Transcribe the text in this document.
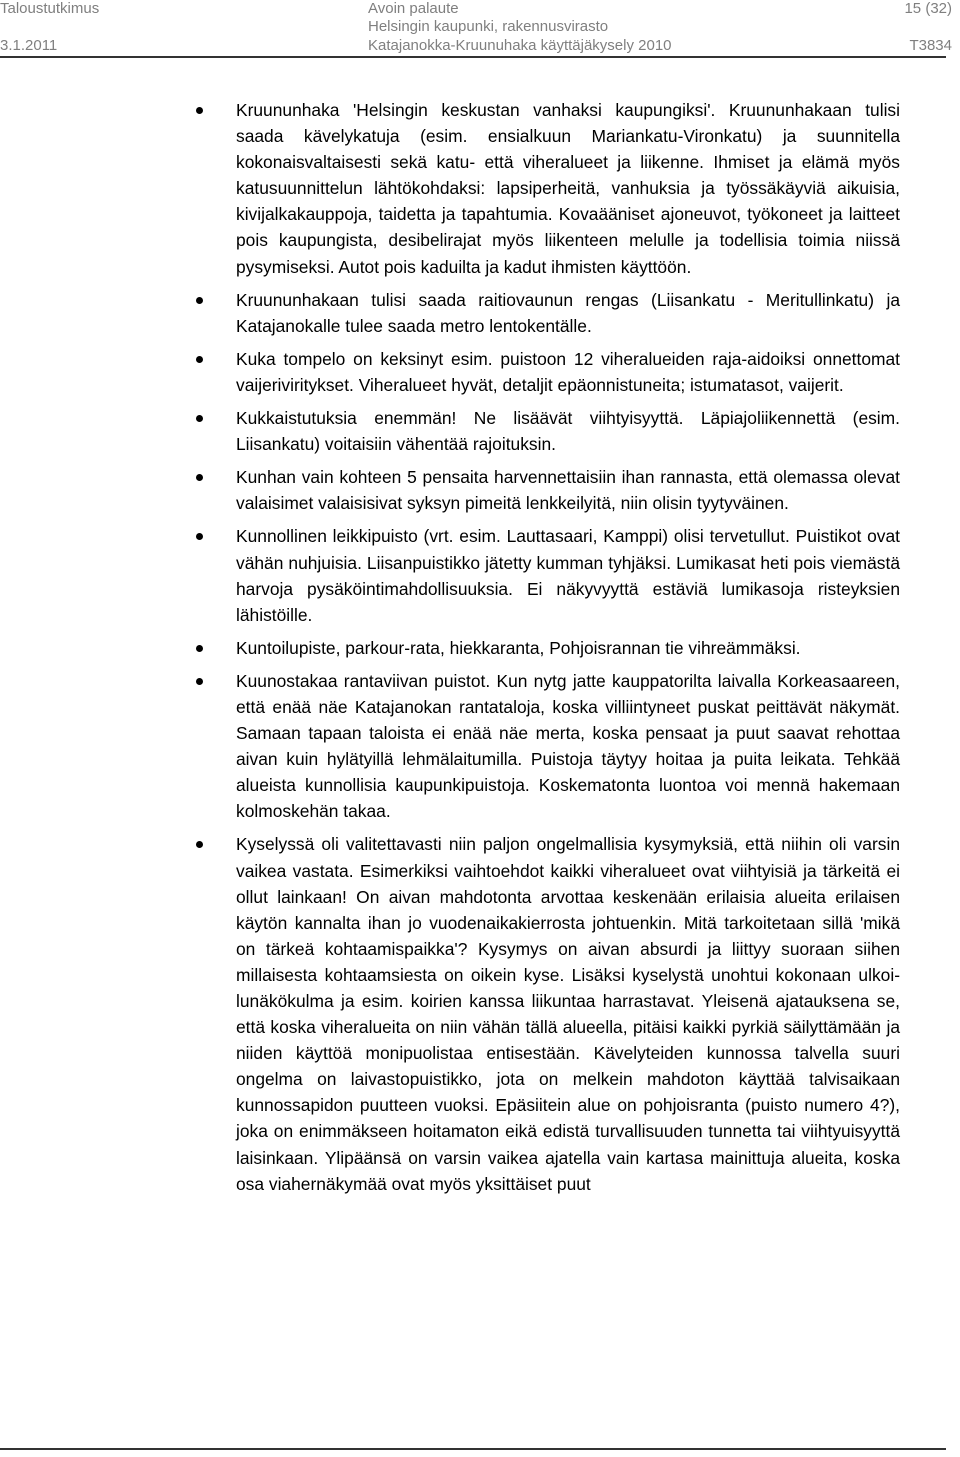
Taloustutkimus
3.1.2011
Avoin palaute
Helsingin kaupunki, rakennusvirasto
Katajanokka-Kruunuhaka käyttäjäkysely 2010
15 (32)
T3834
Kruununhaka 'Helsingin keskustan vanhaksi kaupungiksi'. Kruununhakaan tulisi saada kävelykatuja (esim. ensialkuun Mariankatu-Vironkatu) ja suunnitella kokonaisvaltaisesti sekä katu- että viheralueet ja liikenne. Ihmiset ja elämä myös katusuunnittelun lähtökohdaksi: lapsiperheitä, vanhuksia ja työssäkäyviä aikuisia, kivijalkakauppoja, taidetta ja tapahtumia. Kovaääniset ajoneuvot, työkoneet ja laitteet pois kaupungista, desibelirajat myös liikenteen melulle ja todellisia toimia niissä pysymiseksi. Autot pois kaduilta ja kadut ihmisten käyttöön.
Kruununhakaan tulisi saada raitiovaunun rengas (Liisankatu - Meritullinkatu) ja Katajanokalle tulee saada metro lentokentälle.
Kuka tompelo on keksinyt esim. puistoon 12 viheralueiden raja-aidoiksi onnettomat vaijeriviritykset. Viheralueet hyvät, detaljit epäonnistuneita; istumatasot, vaijerit.
Kukkaistutuksia enemmän! Ne lisäävät viihtyisyyttä. Läpiajoliikennettä (esim. Liisankatu) voitaisiin vähentää rajoituksin.
Kunhan vain kohteen 5 pensaita harvennettaisiin ihan rannasta, että olemassa olevat valaisimet valaisisivat syksyn pimeitä lenkkeilyitä, niin olisin tyytyväinen.
Kunnollinen leikkipuisto (vrt. esim. Lauttasaari, Kamppi) olisi tervetullut. Puistikot ovat vähän nuhjuisia. Liisanpuistikko jätetty kumman tyhjäksi. Lumikasat heti pois viemästä harvoja pysäköintimahdollisuuksia. Ei näkyvyyttä estäviä lumikasoja risteyksien lähistöille.
Kuntoilupiste, parkour-rata, hiekkaranta, Pohjoisrannan tie vihreämmäksi.
Kuunostakaa rantaviivan puistot. Kun nytg jatte kauppatorilta laivalla Korkeasaareen, että enää näe Katajanokan rantataloja, koska villiintyneet puskat peittävät näkymät. Samaan tapaan taloista ei enää näe merta, koska pensaat ja puut saavat rehottaa aivan kuin hylätyillä lehmälaitumilla. Puistoja täytyy hoitaa ja puita leikata. Tehkää alueista kunnollisia kaupunkipuistoja. Koskematonta luontoa voi mennä hakemaan kolmoskehän takaa.
Kyselyssä oli valitettavasti niin paljon ongelmallisia kysymyksiä, että niihin oli varsin vaikea vastata. Esimerkiksi vaihtoehdot kaikki viheralueet ovat viihtyisiä ja tärkeitä ei ollut lainkaan! On aivan mahdotonta arvottaa keskenään erilaisia alueita erilaisen käytön kannalta ihan jo vuodenaikakierrosta johtuenkin. Mitä tarkoitetaan sillä 'mikä on tärkeä kohtaamispaikka'? Kysymys on aivan absurdi ja liittyy suoraan siihen millaisesta kohtaamsiesta on oikein kyse. Lisäksi kyselystä unohtui kokonaan ulkoilunäkökulma ja esim. koirien kanssa liikuntaa harrastavat. Yleisenä ajatauksena se, että koska viheralueita on niin vähän tällä alueella, pitäisi kaikki pyrkiä säilyttämään ja niiden käyttöä monipuolistaa entisestään. Kävelyteiden kunnossa talvella suuri ongelma on laivastopuistikko, jota on melkein mahdoton käyttää talvisaikaan kunnossapidon puutteen vuoksi. Epäsiitein alue on pohjoisranta (puisto numero 4?), joka on enimmäkseen hoitamaton eikä edistä turvallisuuden tunnetta tai viihtyuisyyttä laisinkaan. Ylipäänsä on varsin vaikea ajatella vain kartasa mainittuja alueita, koska osa viahernäkymää ovat myös yksittäiset puut
